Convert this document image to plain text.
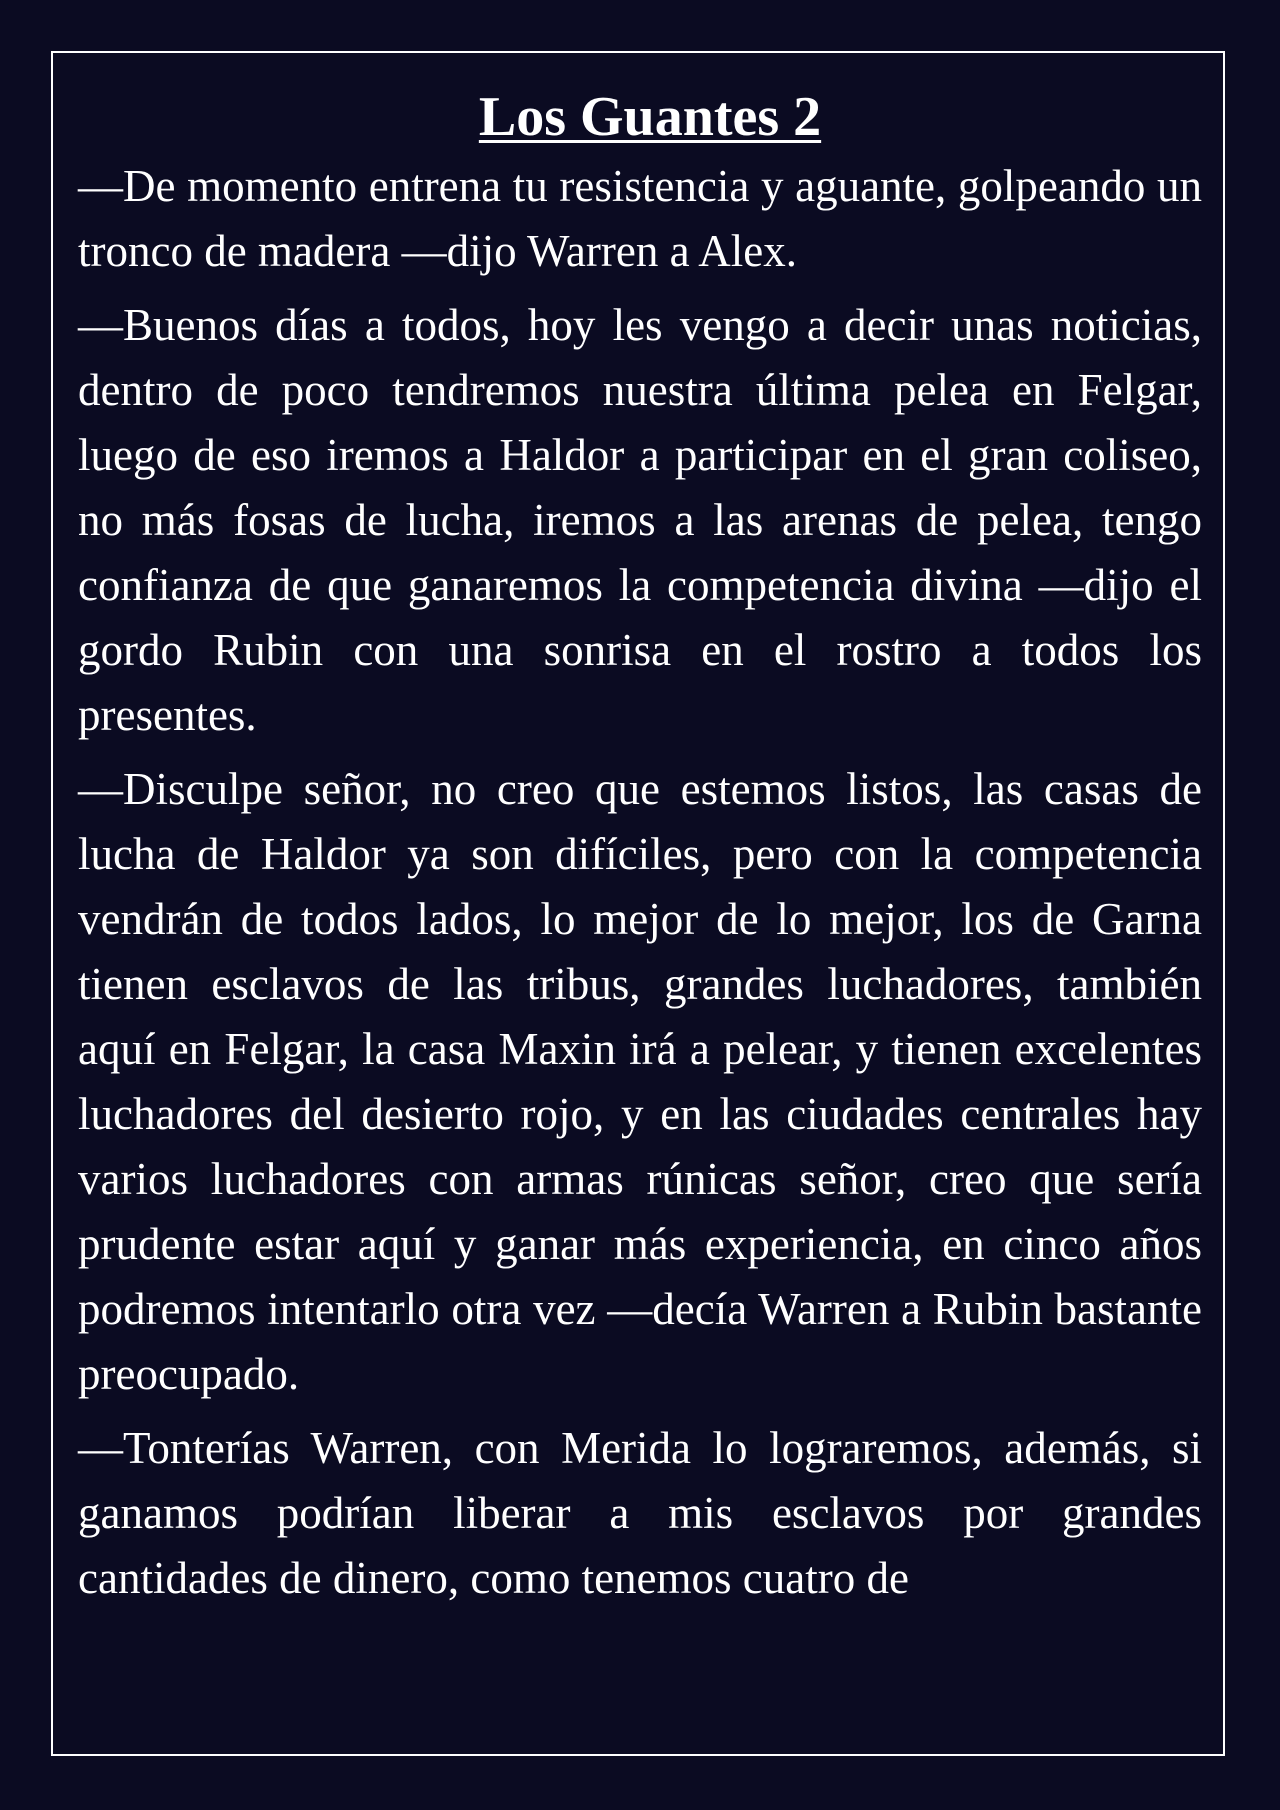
Los Guantes 2

—De momento entrena tu resistencia y aguante, golpeando un tronco de madera —dijo Warren a Alex.

—Buenos días a todos, hoy les vengo a decir unas noticias, dentro de poco tendremos nuestra última pelea en Felgar, luego de eso iremos a Haldor a participar en el gran coliseo, no más fosas de lucha, iremos a las arenas de pelea, tengo confianza de que ganaremos la competencia divina —dijo el gordo Rubin con una sonrisa en el rostro a todos los presentes.

—Disculpe señor, no creo que estemos listos, las casas de lucha de Haldor ya son difíciles, pero con la competencia vendrán de todos lados, lo mejor de lo mejor, los de Garna tienen esclavos de las tribus, grandes luchadores, también aquí en Felgar, la casa Maxin irá a pelear, y tienen excelentes luchadores del desierto rojo, y en las ciudades centrales hay varios luchadores con armas rúnicas señor, creo que sería prudente estar aquí y ganar más experiencia, en cinco años podremos intentarlo otra vez —decía Warren a Rubin bastante preocupado.

—Tonterías Warren, con Merida lo lograremos, además, si ganamos podrían liberar a mis esclavos por grandes cantidades de dinero, como tenemos cuatro de
